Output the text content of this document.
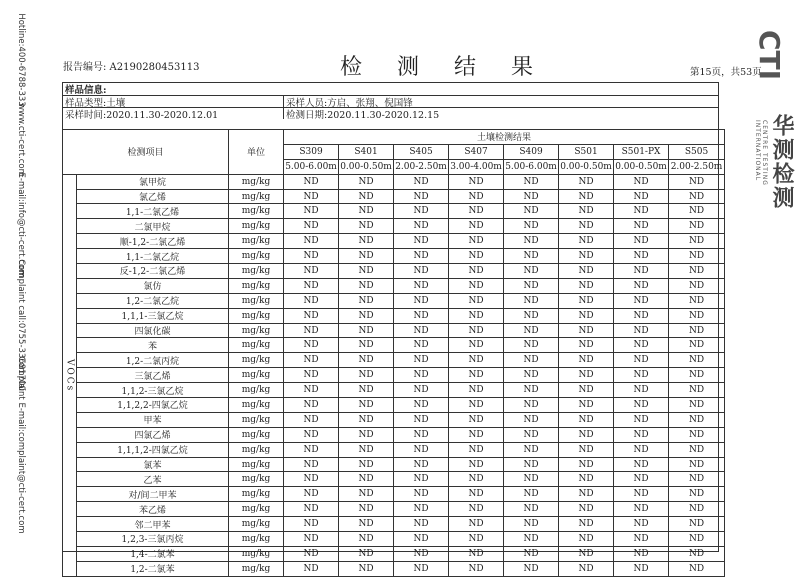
Hotline:400-6788-333
www.cti-cert.com
E-mail:info@cti-cert.com
Complaint call:0755-33681700
Complaint E-mail:complaint@cti-cert.com
报告编号: A2190280453113	检 测 结 果	第15页，共53页
CTI
CENTRE TESTING INTERNATIONAL 华测检测
样品信息:
样品类型:土壤	采样人员:方启、张翔、倪国锋
采样时间:2020.11.30-2020.12.01	检测日期:2020.11.30-2020.12.15
检测项目		单位	土壤检测结果							
			S309	S401	S405	S407	S409	S501	S501-PX	S505
			5.00-6.00m	0.00-0.50m	2.00-2.50m	3.00-4.00m	5.00-6.00m	0.00-0.50m	0.00-0.50m	2.00-2.50m
VOCs	氯甲烷	mg/kg	ND	ND	ND	ND	ND	ND	ND	ND
	氯乙烯	mg/kg	ND	ND	ND	ND	ND	ND	ND	ND
	1,1-二氯乙烯	mg/kg	ND	ND	ND	ND	ND	ND	ND	ND
	二氯甲烷	mg/kg	ND	ND	ND	ND	ND	ND	ND	ND
	顺-1,2-二氯乙烯	mg/kg	ND	ND	ND	ND	ND	ND	ND	ND
	1,1-二氯乙烷	mg/kg	ND	ND	ND	ND	ND	ND	ND	ND
	反-1,2-二氯乙烯	mg/kg	ND	ND	ND	ND	ND	ND	ND	ND
	氯仿	mg/kg	ND	ND	ND	ND	ND	ND	ND	ND
	1,2-二氯乙烷	mg/kg	ND	ND	ND	ND	ND	ND	ND	ND
	1,1,1-三氯乙烷	mg/kg	ND	ND	ND	ND	ND	ND	ND	ND
	四氯化碳	mg/kg	ND	ND	ND	ND	ND	ND	ND	ND
	苯	mg/kg	ND	ND	ND	ND	ND	ND	ND	ND
	1,2-二氯丙烷	mg/kg	ND	ND	ND	ND	ND	ND	ND	ND
	三氯乙烯	mg/kg	ND	ND	ND	ND	ND	ND	ND	ND
	1,1,2-三氯乙烷	mg/kg	ND	ND	ND	ND	ND	ND	ND	ND
	1,1,2,2-四氯乙烷	mg/kg	ND	ND	ND	ND	ND	ND	ND	ND
	甲苯	mg/kg	ND	ND	ND	ND	ND	ND	ND	ND
	四氯乙烯	mg/kg	ND	ND	ND	ND	ND	ND	ND	ND
	1,1,1,2-四氯乙烷	mg/kg	ND	ND	ND	ND	ND	ND	ND	ND
	氯苯	mg/kg	ND	ND	ND	ND	ND	ND	ND	ND
	乙苯	mg/kg	ND	ND	ND	ND	ND	ND	ND	ND
	对/间二甲苯	mg/kg	ND	ND	ND	ND	ND	ND	ND	ND
	苯乙烯	mg/kg	ND	ND	ND	ND	ND	ND	ND	ND
	邻二甲苯	mg/kg	ND	ND	ND	ND	ND	ND	ND	ND
	1,2,3-三氯丙烷	mg/kg	ND	ND	ND	ND	ND	ND	ND	ND
	1,4-二氯苯	mg/kg	ND	ND	ND	ND	ND	ND	ND	ND
	1,2-二氯苯	mg/kg	ND	ND	ND	ND	ND	ND	ND	ND
